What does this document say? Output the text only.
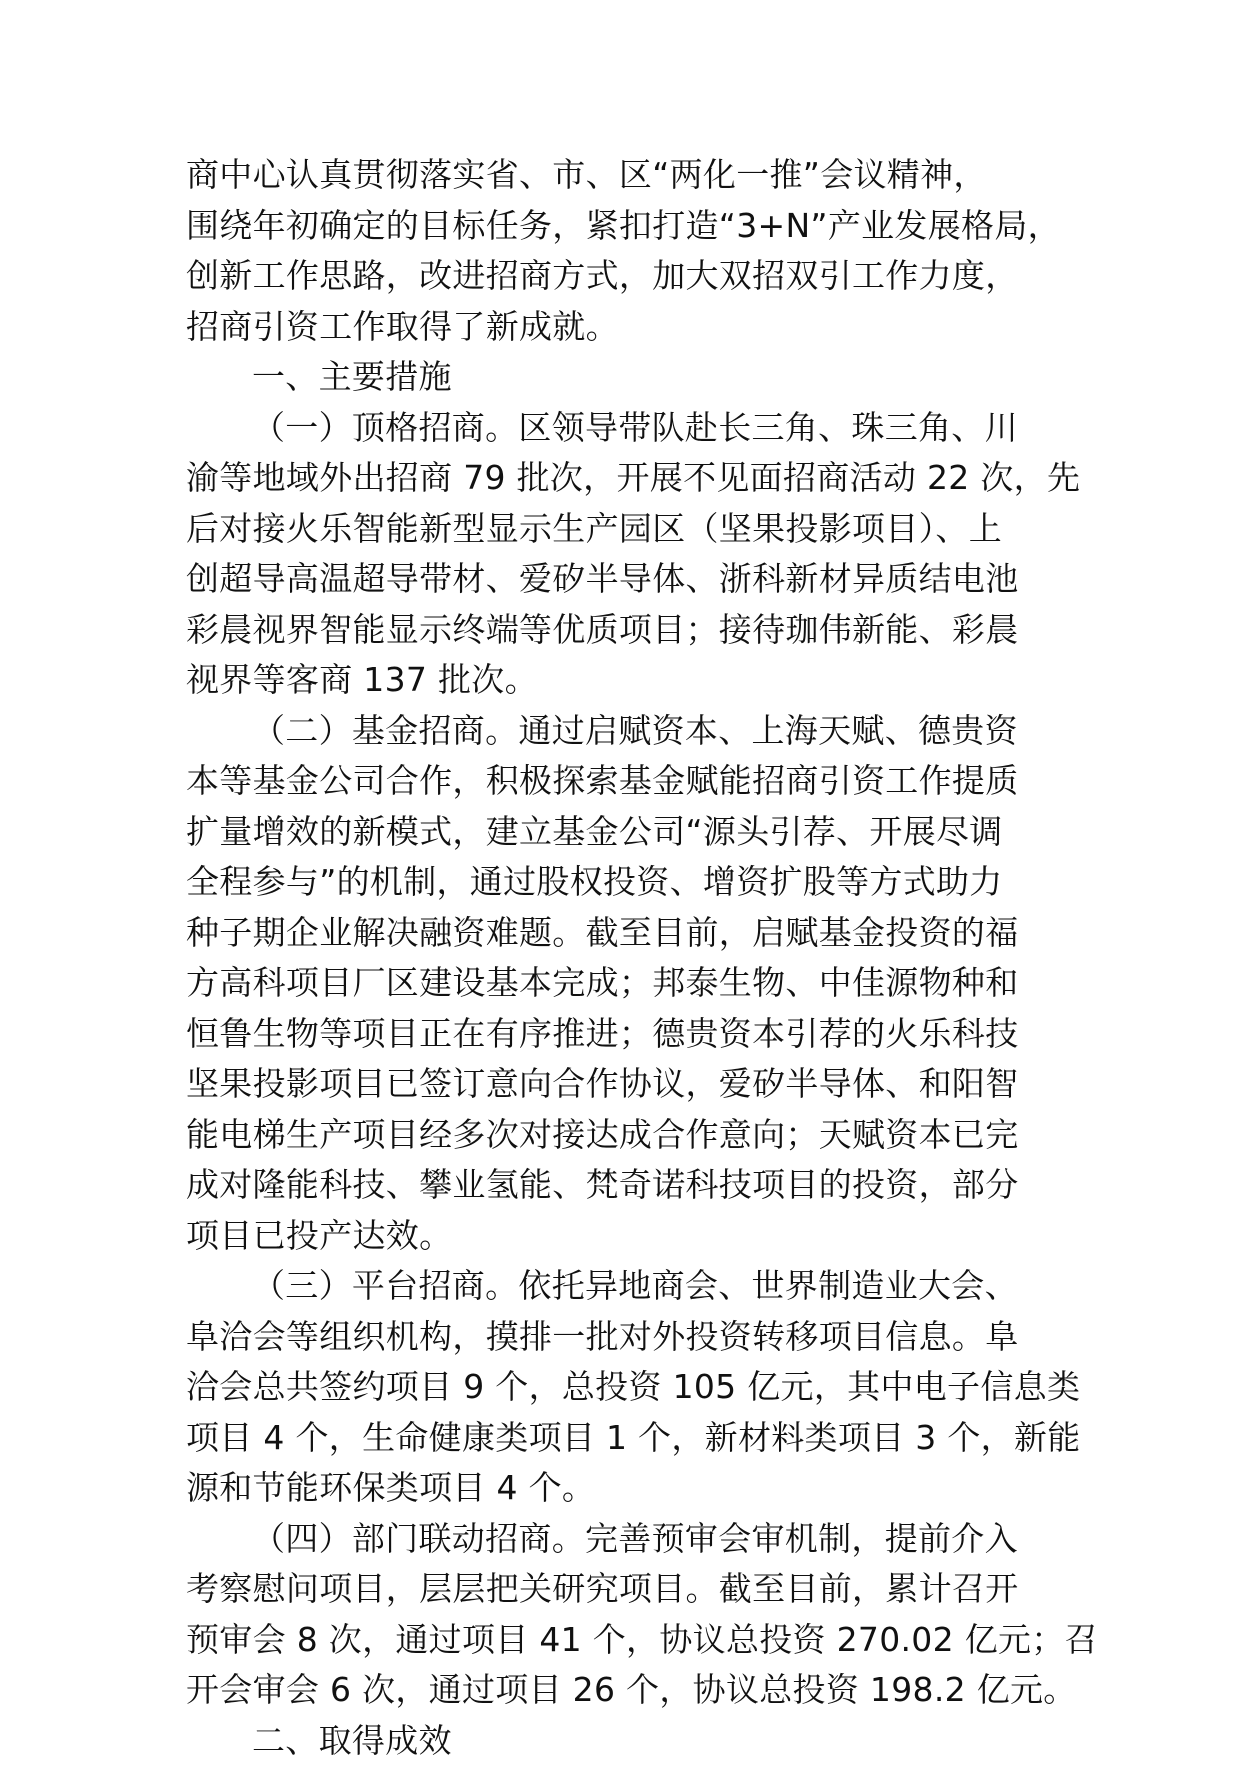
商中心认真贯彻落实省、市、区“两化一推”会议精神，
围绕年初确定的目标任务，紧扣打造“3+N”产业发展格局，
创新工作思路，改进招商方式，加大双招双引工作力度，
招商引资工作取得了新成就。
一、主要措施
（一）顶格招商。区领导带队赴长三角、珠三角、川
渝等地域外出招商 79 批次，开展不见面招商活动 22 次，先
后对接火乐智能新型显示生产园区（坚果投影项目）、上
创超导高温超导带材、爱矽半导体、浙科新材异质结电池
彩晨视界智能显示终端等优质项目；接待珈伟新能、彩晨
视界等客商 137 批次。
（二）基金招商。通过启赋资本、上海天赋、德贵资
本等基金公司合作，积极探索基金赋能招商引资工作提质
扩量增效的新模式，建立基金公司“源头引荐、开展尽调
全程参与”的机制，通过股权投资、增资扩股等方式助力
种子期企业解决融资难题。截至目前，启赋基金投资的福
方高科项目厂区建设基本完成；邦泰生物、中佳源物种和
恒鲁生物等项目正在有序推进；德贵资本引荐的火乐科技
坚果投影项目已签订意向合作协议，爱矽半导体、和阳智
能电梯生产项目经多次对接达成合作意向；天赋资本已完
成对隆能科技、攀业氢能、梵奇诺科技项目的投资，部分
项目已投产达效。
（三）平台招商。依托异地商会、世界制造业大会、
阜洽会等组织机构，摸排一批对外投资转移项目信息。阜
洽会总共签约项目 9 个，总投资 105 亿元，其中电子信息类
项目 4 个，生命健康类项目 1 个，新材料类项目 3 个，新能
源和节能环保类项目 4 个。
（四）部门联动招商。完善预审会审机制，提前介入
考察慰问项目，层层把关研究项目。截至目前，累计召开
预审会 8 次，通过项目 41 个，协议总投资 270.02 亿元；召
开会审会 6 次，通过项目 26 个，协议总投资 198.2 亿元。
二、取得成效
